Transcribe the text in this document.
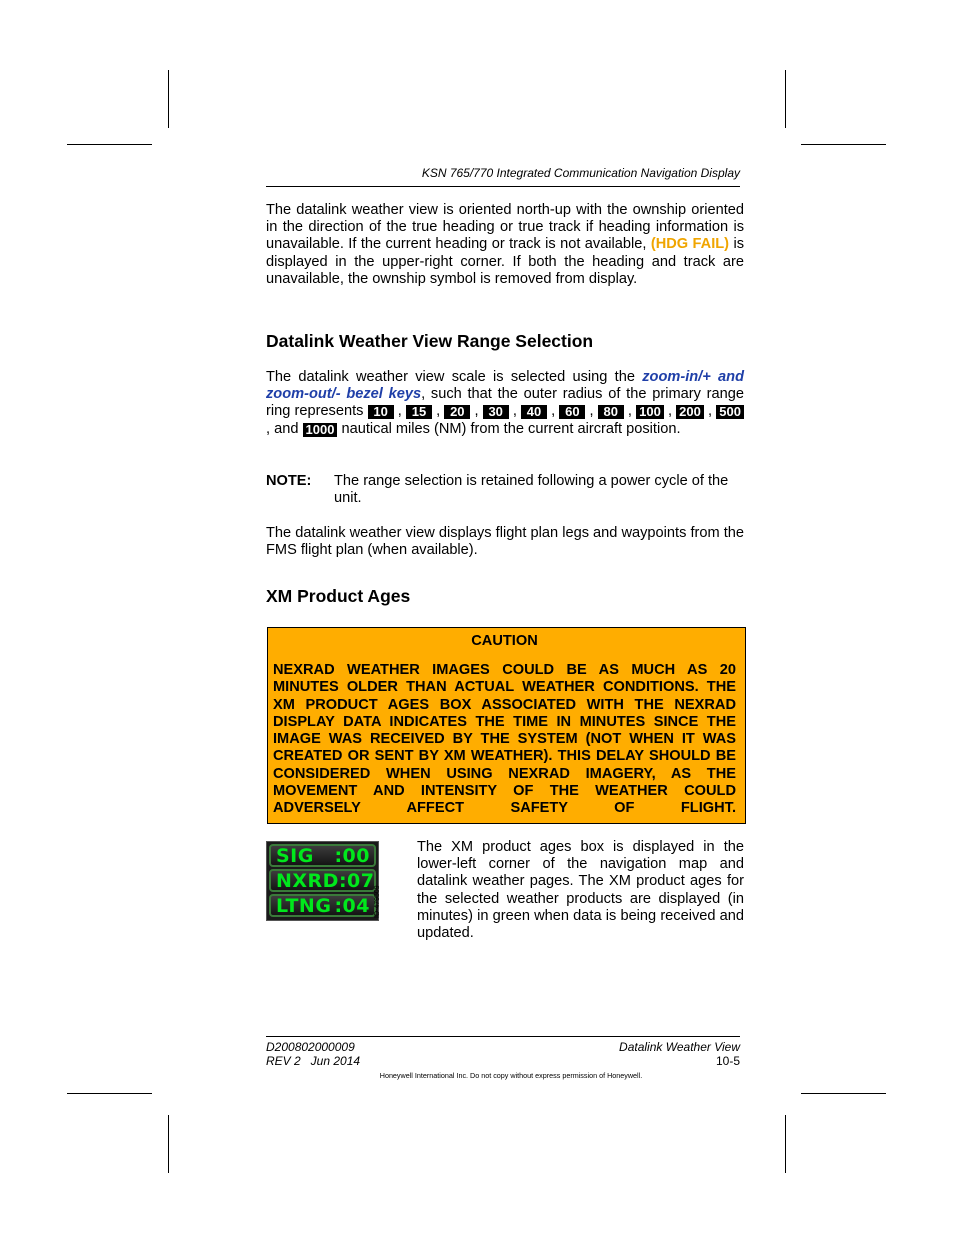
KSN 765/770 Integrated Communication Navigation Display
The datalink weather view is oriented north-up with the ownship oriented in the direction of the true heading or true track if heading information is unavailable. If the current heading or track is not available, (HDG FAIL) is displayed in the upper-right corner. If both the heading and track are unavailable, the ownship symbol is removed from display.
Datalink Weather View Range Selection
The datalink weather view scale is selected using the zoom-in/+ and zoom-out/- bezel keys, such that the outer radius of the primary range ring represents 10 , 15 , 20 , 30 , 40 , 60 , 80 , 100 , 200 , 500 , and 1000 nautical miles (NM) from the current aircraft position.
NOTE: The range selection is retained following a power cycle of the unit.
The datalink weather view displays flight plan legs and waypoints from the FMS flight plan (when available).
XM Product Ages
CAUTION
NEXRAD WEATHER IMAGES COULD BE AS MUCH AS 20 MINUTES OLDER THAN ACTUAL WEATHER CONDITIONS. THE XM PRODUCT AGES BOX ASSOCIATED WITH THE NEXRAD DISPLAY DATA INDICATES THE TIME IN MINUTES SINCE THE IMAGE WAS RECEIVED BY THE SYSTEM (NOT WHEN IT WAS CREATED OR SENT BY XM WEATHER). THIS DELAY SHOULD BE CONSIDERED WHEN USING NEXRAD IMAGERY, AS THE MOVEMENT AND INTENSITY OF THE WEATHER COULD ADVERSELY AFFECT SAFETY OF FLIGHT.
SIG :00
NXRD :07
LTNG :04 ID-479509
The XM product ages box is displayed in the lower-left corner of the navigation map and datalink weather pages. The XM product ages for the selected weather products are displayed (in minutes) in green when data is being received and updated.
D200802000009
REV 2   Jun 2014
Datalink Weather View
10-5
Honeywell International Inc. Do not copy without express permission of Honeywell.
